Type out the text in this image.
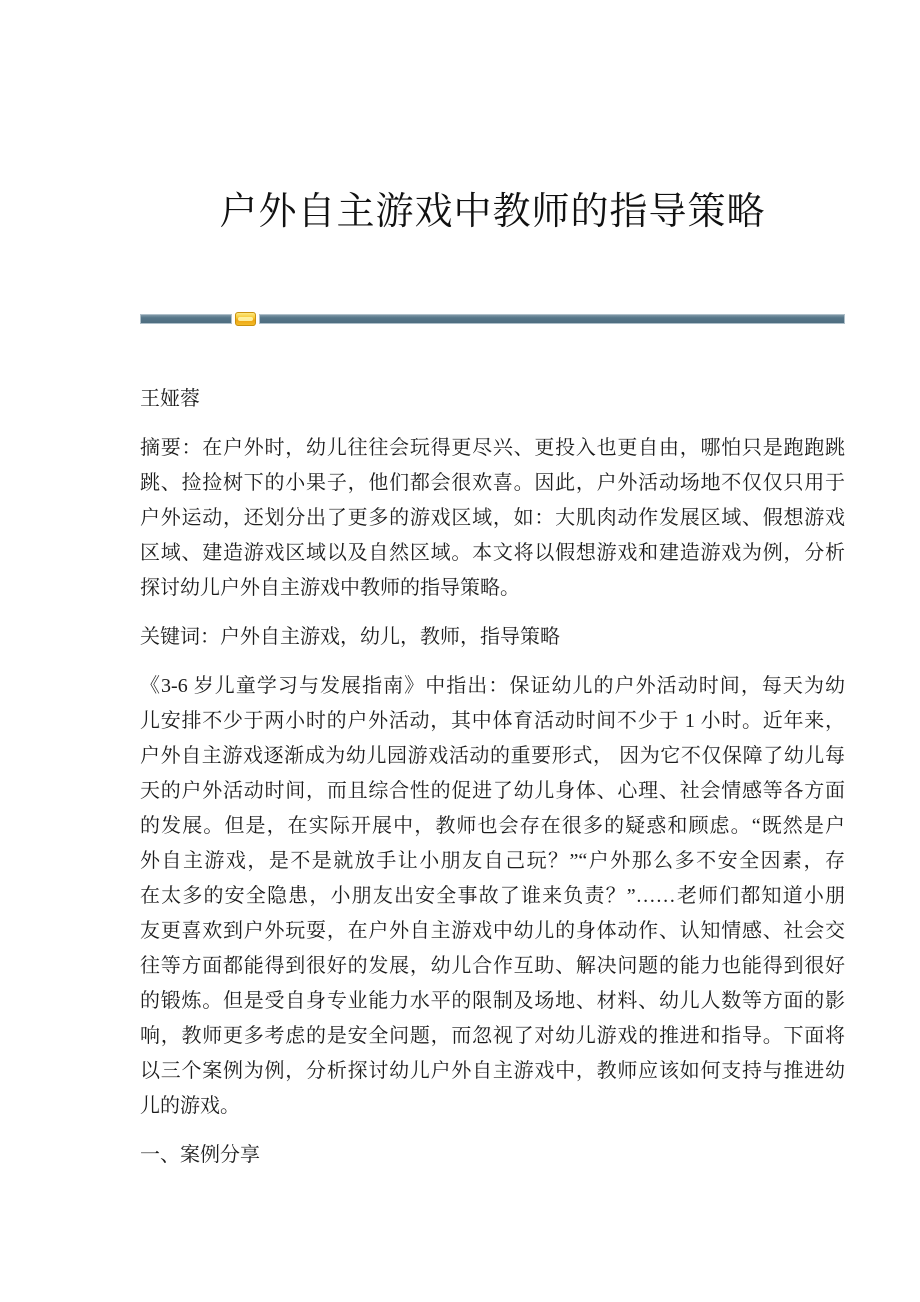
户外自主游戏中教师的指导策略
王娅蓉
摘要：在户外时，幼儿往往会玩得更尽兴、更投入也更自由，哪怕只是跑跑跳
跳、捡捡树下的小果子，他们都会很欢喜。因此，户外活动场地不仅仅只用于
户外运动，还划分出了更多的游戏区域，如：大肌肉动作发展区域、假想游戏
区域、建造游戏区域以及自然区域。本文将以假想游戏和建造游戏为例，分析
探讨幼儿户外自主游戏中教师的指导策略。
关键词：户外自主游戏，幼儿，教师，指导策略
《3-6 岁儿童学习与发展指南》中指出：保证幼儿的户外活动时间，每天为幼
儿安排不少于两小时的户外活动，其中体育活动时间不少于 1 小时。近年来，
户外自主游戏逐渐成为幼儿园游戏活动的重要形式， 因为它不仅保障了幼儿每
天的户外活动时间，而且综合性的促进了幼儿身体、心理、社会情感等各方面
的发展。但是，在实际开展中，教师也会存在很多的疑惑和顾虑。“既然是户
外自主游戏，是不是就放手让小朋友自己玩？”“户外那么多不安全因素，存
在太多的安全隐患，小朋友出安全事故了谁来负责？”……老师们都知道小朋
友更喜欢到户外玩耍，在户外自主游戏中幼儿的身体动作、认知情感、社会交
往等方面都能得到很好的发展，幼儿合作互助、解决问题的能力也能得到很好
的锻炼。但是受自身专业能力水平的限制及场地、材料、幼儿人数等方面的影
响，教师更多考虑的是安全问题，而忽视了对幼儿游戏的推进和指导。下面将
以三个案例为例，分析探讨幼儿户外自主游戏中，教师应该如何支持与推进幼
儿的游戏。
一、案例分享
